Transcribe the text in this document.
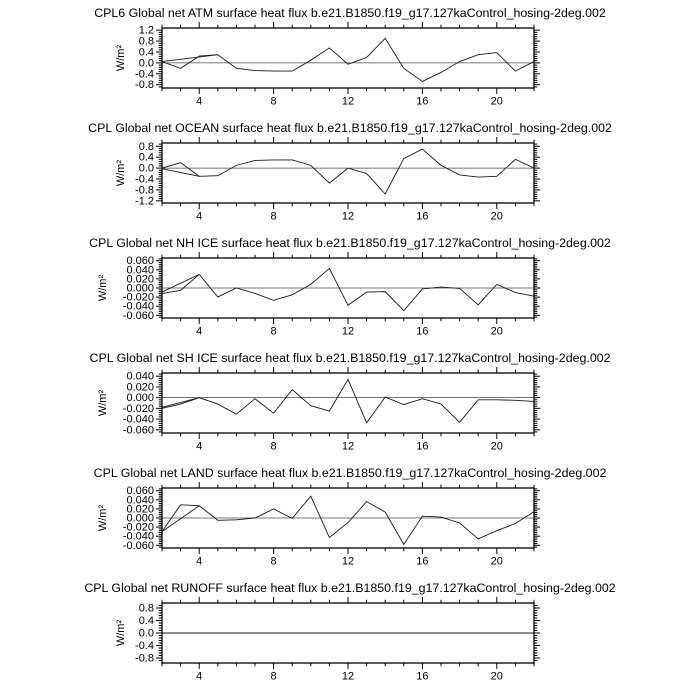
1.2
0.8
0.4
0.0
-0.4
-0.8
4	8	12	16	20
W/m²
0.8
0.4
0.0
-0.4
-0.8
-1.2
4	8	12	16	20
W/m²
0.060
0.040
0.020
0.000
-0.020
-0.040
-0.060
4	8	12	16	20
W/m²
0.040
0.020
0.000
-0.020
-0.040
-0.060
4	8	12	16	20
W/m²
0.060
0.040
0.020
0.000
-0.020
-0.040
-0.060
4	8	12	16	20
W/m²
0.8
0.4
0.0
-0.4
-0.8
4	8	12	16	20
W/m²
CPL6 Global net ATM surface heat flux b.e21.B1850.f19_g17.127kaControl_hosing-2deg.002
CPL Global net OCEAN surface heat flux b.e21.B1850.f19_g17.127kaControl_hosing-2deg.002
CPL Global net NH ICE surface heat flux b.e21.B1850.f19_g17.127kaControl_hosing-2deg.002
CPL Global net SH ICE surface heat flux b.e21.B1850.f19_g17.127kaControl_hosing-2deg.002
CPL Global net LAND surface heat flux b.e21.B1850.f19_g17.127kaControl_hosing-2deg.002
CPL Global net RUNOFF surface heat flux b.e21.B1850.f19_g17.127kaControl_hosing-2deg.002
